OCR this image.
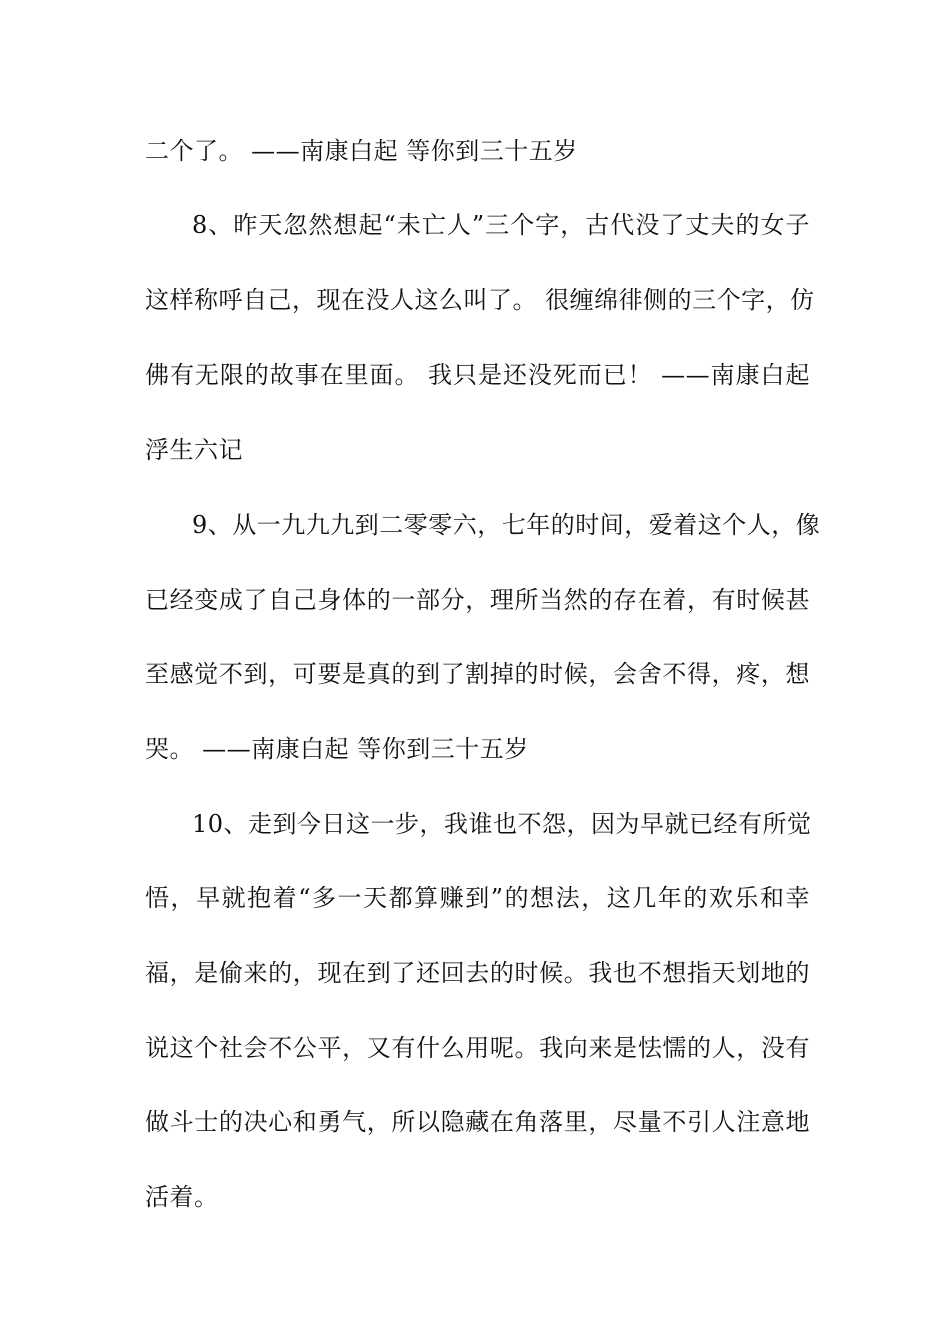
二个了。 ——南康白起 等你到三十五岁
8、昨天忽然想起“未亡人”三个字，古代没了丈夫的女子
这样称呼自己，现在没人这么叫了。 很缠绵徘侧的三个字，仿
佛有无限的故事在里面。 我只是还没死而已！ ——南康白起
浮生六记
9、从一九九九到二零零六，七年的时间，爱着这个人，像
已经变成了自己身体的一部分，理所当然的存在着，有时候甚
至感觉不到，可要是真的到了割掉的时候，会舍不得，疼，想
哭。 ——南康白起 等你到三十五岁
10、走到今日这一步，我谁也不怨，因为早就已经有所觉
悟，早就抱着“多一天都算赚到”的想法，这几年的欢乐和幸
福，是偷来的，现在到了还回去的时候。我也不想指天划地的
说这个社会不公平，又有什么用呢。我向来是怯懦的人，没有
做斗士的决心和勇气，所以隐藏在角落里，尽量不引人注意地
活着。
